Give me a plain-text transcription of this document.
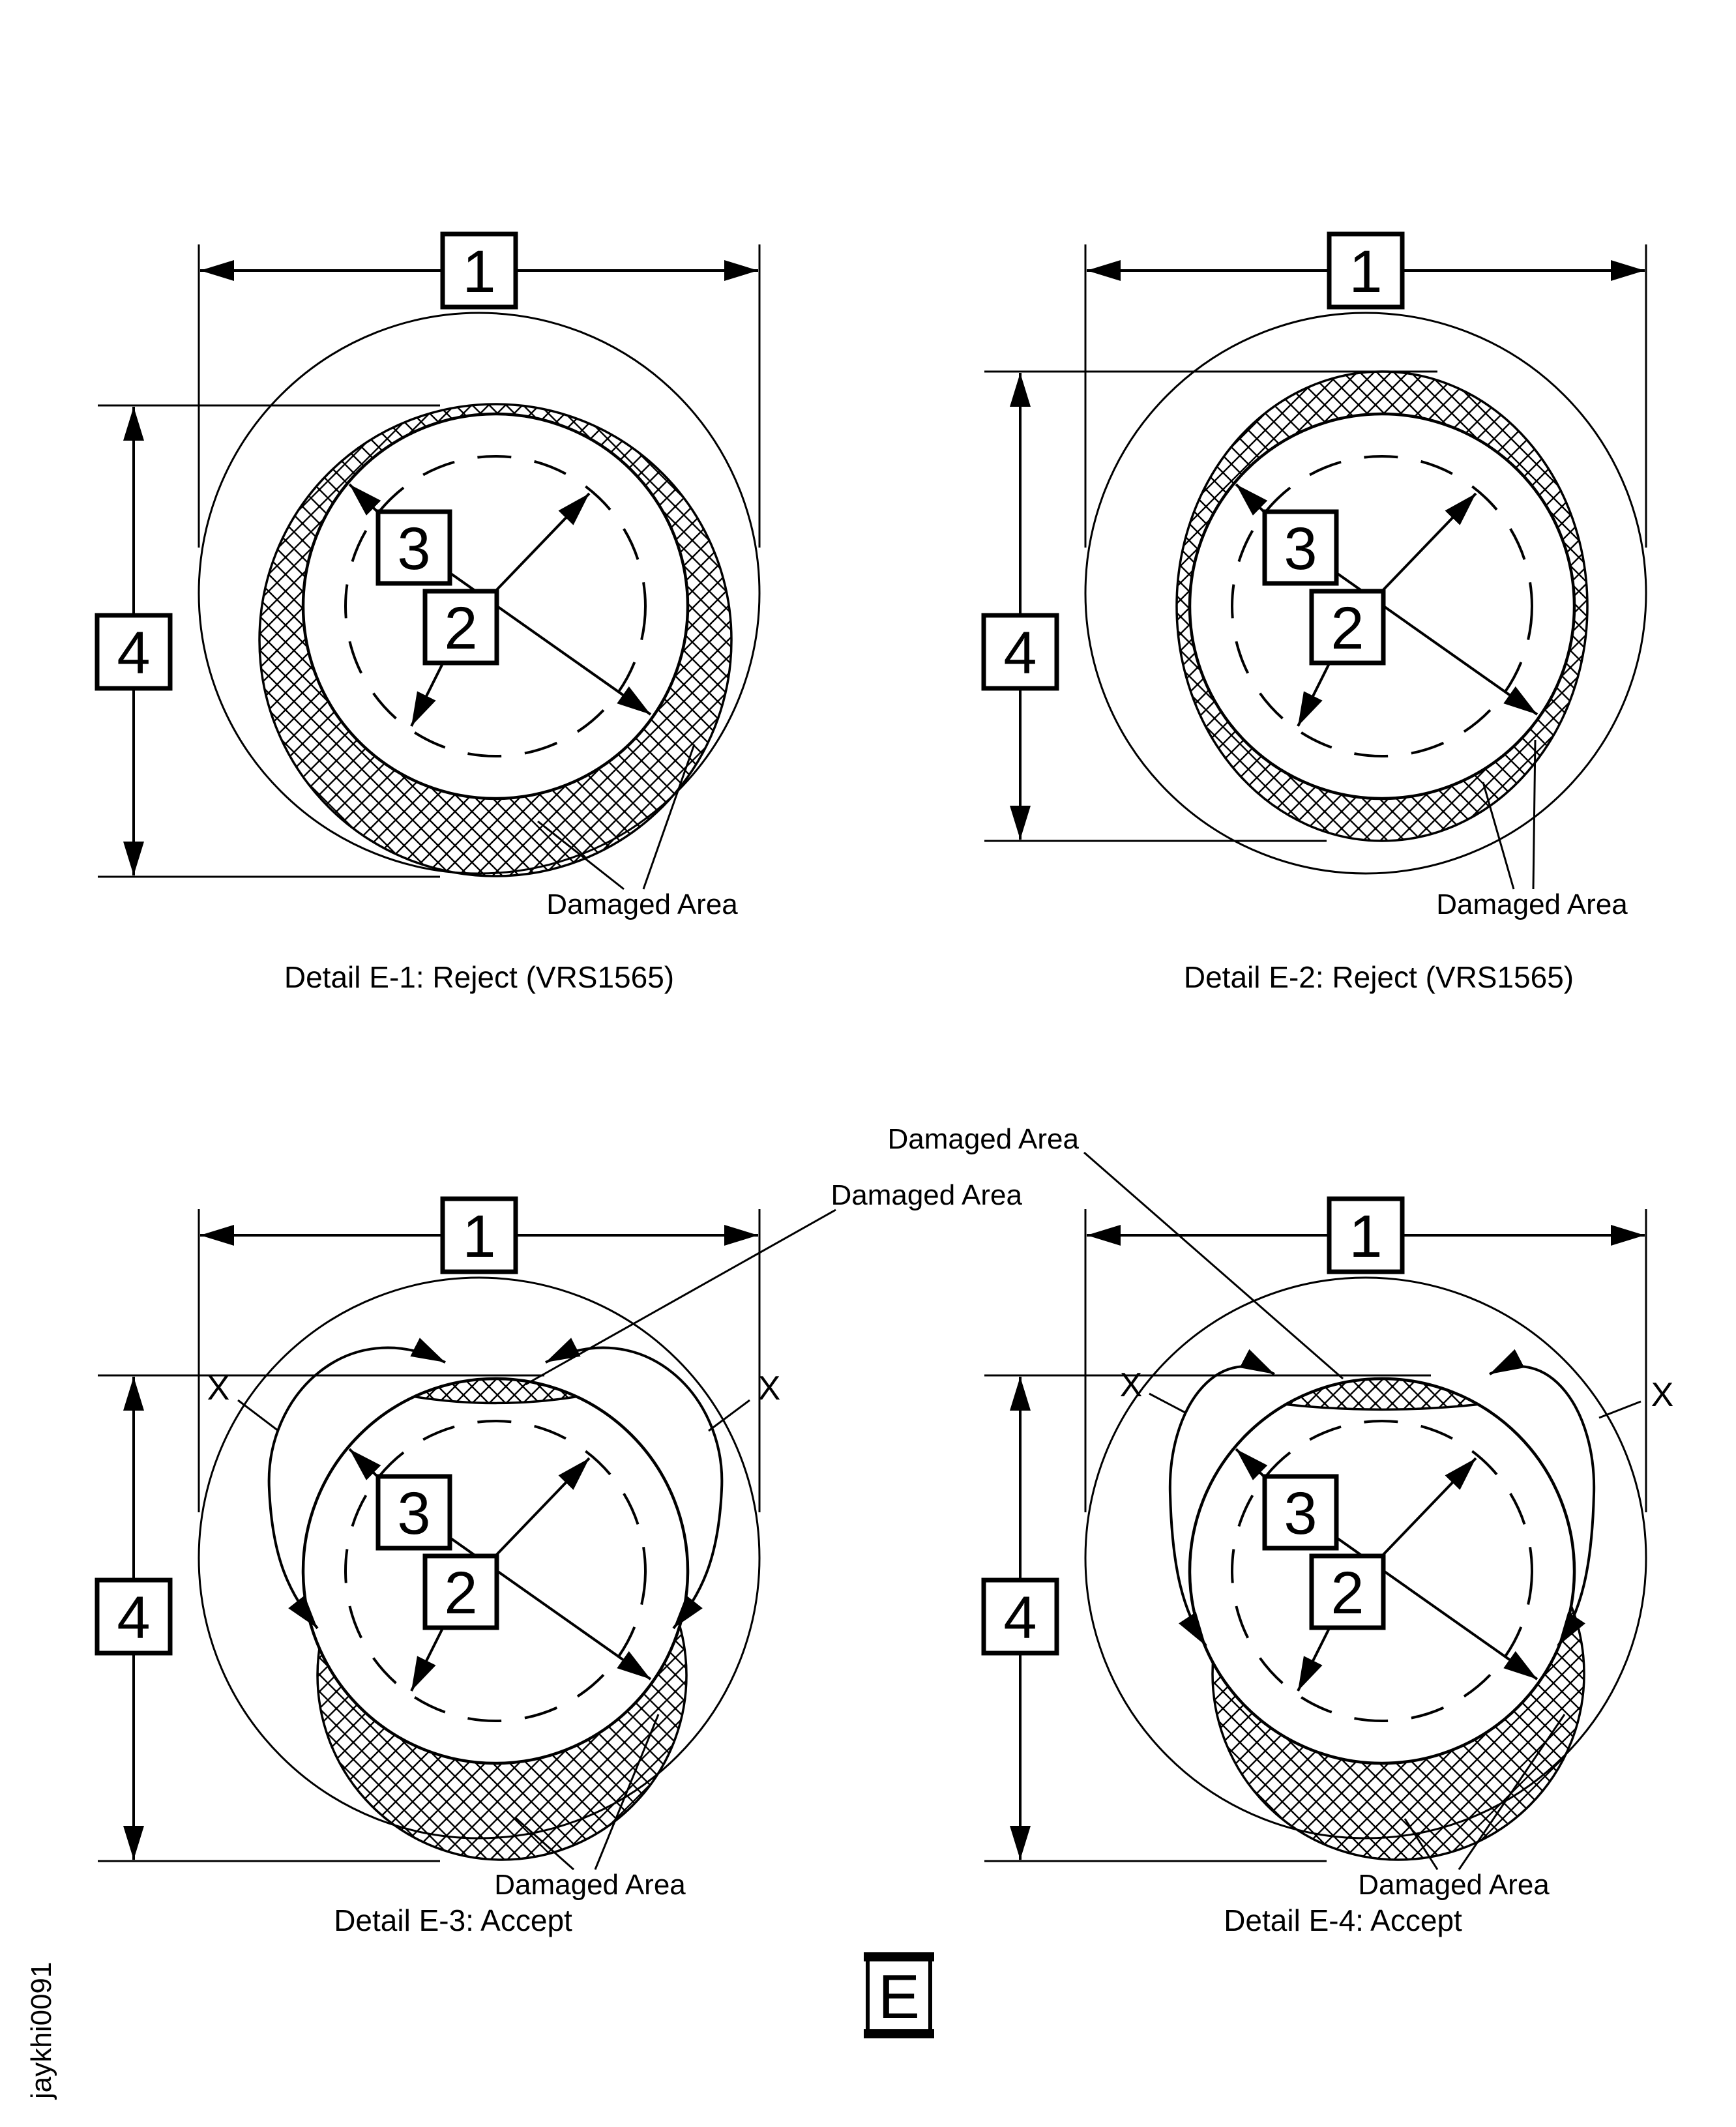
Damaged Area
1
4
3
2
Damaged Area
1
4
3
2
X	X
Damaged Area
1
4
3
2
X	X
Damaged Area
1
4
3
2
Damaged Area
Damaged Area
Detail E-1: Reject (VRS1565)	Detail E-2: Reject (VRS1565)
Detail E-3: Accept	Detail E-4: Accept
E
jaykhi0091
